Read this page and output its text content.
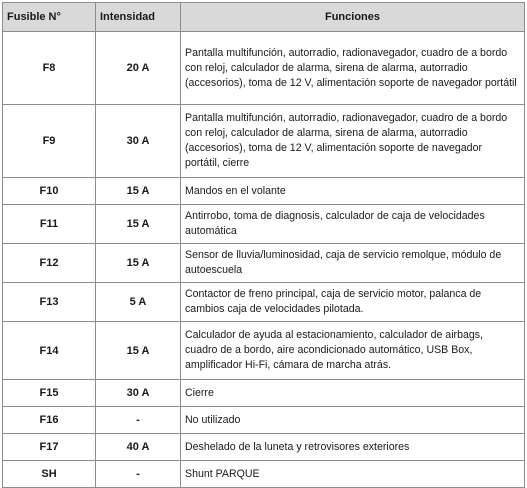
Fusible N°	Intensidad	Funciones
F8	20 A	Pantalla multifunción, autorradio, radionavegador, cuadro de a bordo con reloj, calculador de alarma, sirena de alarma, autorradio (accesorios), toma de 12 V, alimentación soporte de navegador portátil
F9	30 A	Pantalla multifunción, autorradio, radionavegador, cuadro de a bordo con reloj, calculador de alarma, sirena de alarma, autorradio (accesorios), toma de 12 V, alimentación soporte de navegador portátil, cierre
F10	15 A	Mandos en el volante
F11	15 A	Antirrobo, toma de diagnosis, calculador de caja de velocidades automática
F12	15 A	Sensor de lluvia/luminosidad, caja de servicio remolque, módulo de autoescuela
F13	5 A	Contactor de freno principal, caja de servicio motor, palanca de cambios caja de velocidades pilotada.
F14	15 A	Calculador de ayuda al estacionamiento, calculador de airbags, cuadro de a bordo, aire acondicionado automático, USB Box, amplificador Hi-Fi, cámara de marcha atrás.
F15	30 A	Cierre
F16	-	No utilizado
F17	40 A	Deshelado de la luneta y retrovisores exteriores
SH	-	Shunt PARQUE
